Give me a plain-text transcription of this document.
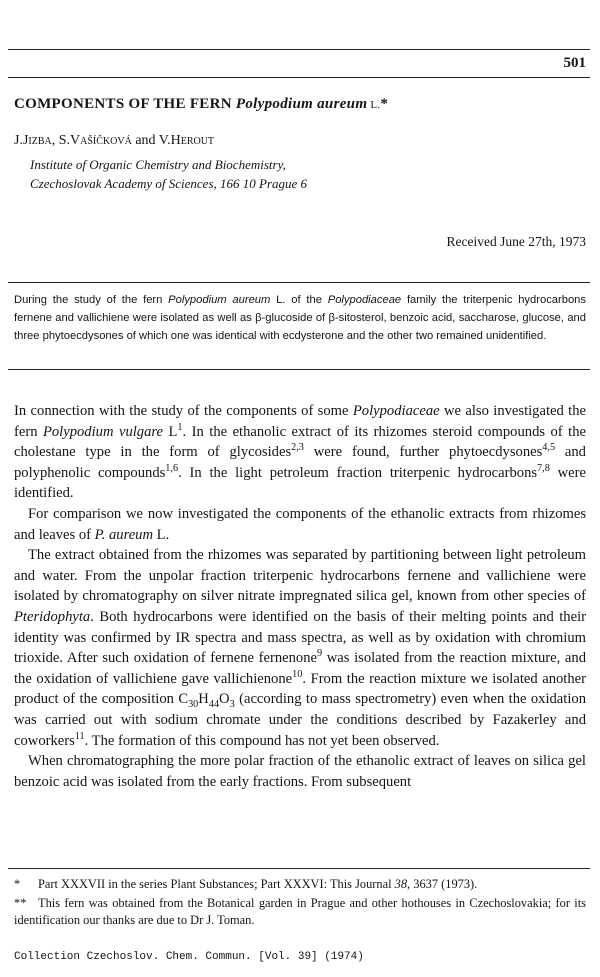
501
COMPONENTS OF THE FERN Polypodium aureum L.*
J.Jizba, S.Vašíčková and V.Herout
Institute of Organic Chemistry and Biochemistry,
Czechoslovak Academy of Sciences, 166 10 Prague 6
Received June 27th, 1973
During the study of the fern Polypodium aureum L. of the Polypodiaceae family the triterpenic hydrocarbons fernene and vallichiene were isolated as well as β-glucoside of β-sitosterol, benzoic acid, saccharose, glucose, and three phytoecdysones of which one was identical with ecdysterone and the other two remained unidentified.

In connection with the study of the components of some Polypodiaceae we also investigated the fern Polypodium vulgare $L^1$. In the ethanolic extract of its rhizomes steroid compounds of the cholestane type in the form of glycosides$^{2,3}$ were found, further phytoecdysones$^{4,5}$ and polyphenolic compounds$^{1,6}$. In the light petroleum fraction triterpenic hydrocarbons$^{7,8}$ were identified.

For comparison we now investigated the components of the ethanolic extracts from rhizomes and leaves of P. aureum L.

The extract obtained from the rhizomes was separated by partitioning between light petroleum and water. From the unpolar fraction triterpenic hydrocarbons fernene and vallichiene were isolated by chromatography on silver nitrate impregnated silica gel, known from other species of Pteridophyta. Both hydrocarbons were identified on the basis of their melting points and their identity was confirmed by IR spectra and mass spectra, as well as by oxidation with chromium trioxide. After such oxidation of fernene fernenone$^9$ was isolated from the reaction mixture, and the oxidation of vallichiene gave vallichienone$^{10}$. From the reaction mixture we isolated another product of the composition $C_{30}H_{44}O_3$ (according to mass spectrometry) even when the oxidation was carried out with sodium chromate under the conditions described by Fazakerley and coworkers$^{11}$. The formation of this compound has not yet been observed.

When chromatographing the more polar fraction of the ethanolic extract of leaves on silica gel benzoic acid was isolated from the early fractions. From subsequent

* Part XXXVII in the series Plant Substances; Part XXXVI: This Journal 38, 3637 (1973).
** This fern was obtained from the Botanical garden in Prague and other hothouses in Czechoslovakia; for its identification our thanks are due to Dr J. Toman.
Collection Czechoslov. Chem. Commun. [Vol. 39] (1974)
